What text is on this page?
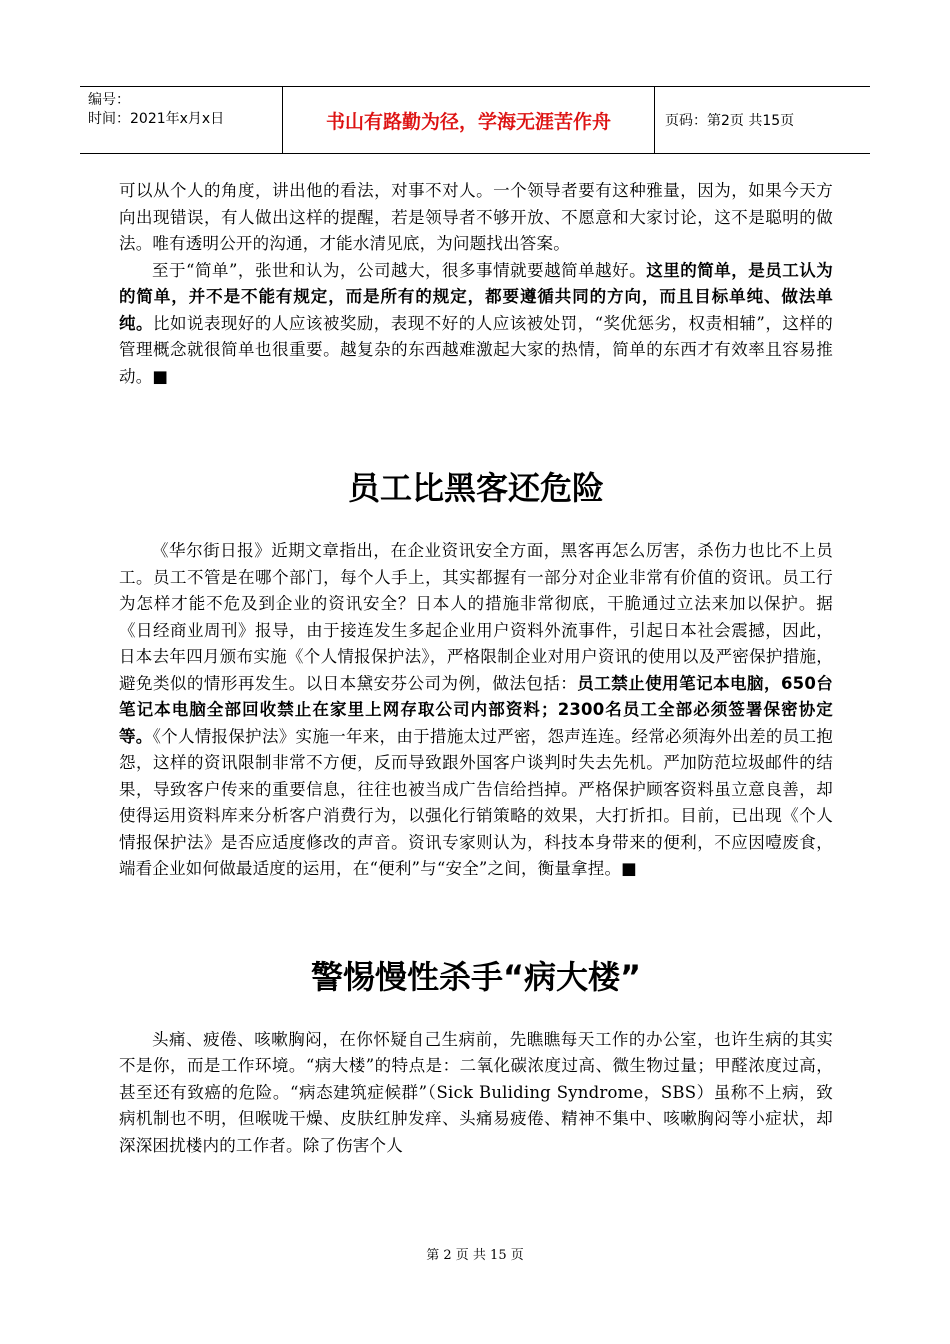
编号：
时间：2021年x月x日	书山有路勤为径，学海无涯苦作舟	页码：第2页 共15页

可以从个人的角度，讲出他的看法，对事不对人。一个领导者要有这种雅量，因为，如果今天方向出现错误，有人做出这样的提醒，若是领导者不够开放、不愿意和大家讨论，这不是聪明的做法。唯有透明公开的沟通，才能水清见底，为问题找出答案。

至于“简单”，张世和认为，公司越大，很多事情就要越简单越好。这里的简单，是员工认为的简单，并不是不能有规定，而是所有的规定，都要遵循共同的方向，而且目标单纯、做法单纯。比如说表现好的人应该被奖励，表现不好的人应该被处罚，“奖优惩劣，权责相辅”，这样的管理概念就很简单也很重要。越复杂的东西越难激起大家的热情，简单的东西才有效率且容易推动。■

员工比黑客还危险

《华尔街日报》近期文章指出，在企业资讯安全方面，黑客再怎么厉害，杀伤力也比不上员工。员工不管是在哪个部门，每个人手上，其实都握有一部分对企业非常有价值的资讯。员工行为怎样才能不危及到企业的资讯安全？日本人的措施非常彻底，干脆通过立法来加以保护。据《日经商业周刊》报导，由于接连发生多起企业用户资料外流事件，引起日本社会震撼，因此，日本去年四月颁布实施《个人情报保护法》，严格限制企业对用户资讯的使用以及严密保护措施，避免类似的情形再发生。以日本黛安芬公司为例，做法包括：员工禁止使用笔记本电脑，650台笔记本电脑全部回收禁止在家里上网存取公司内部资料；2300名员工全部必须签署保密协定等。《个人情报保护法》实施一年来，由于措施太过严密，怨声连连。经常必须海外出差的员工抱怨，这样的资讯限制非常不方便，反而导致跟外国客户谈判时失去先机。严加防范垃圾邮件的结果，导致客户传来的重要信息，往往也被当成广告信给挡掉。严格保护顾客资料虽立意良善，却使得运用资料库来分析客户消费行为，以强化行销策略的效果，大打折扣。目前，已出现《个人情报保护法》是否应适度修改的声音。资讯专家则认为，科技本身带来的便利，不应因噎废食，端看企业如何做最适度的运用，在“便利”与“安全”之间，衡量拿捏。■

警惕慢性杀手“病大楼”

头痛、疲倦、咳嗽胸闷，在你怀疑自己生病前，先瞧瞧每天工作的办公室，也许生病的其实不是你，而是工作环境。“病大楼”的特点是：二氧化碳浓度过高、微生物过量；甲醛浓度过高，甚至还有致癌的危险。“病态建筑症候群”（Sick Buliding Syndrome，SBS）虽称不上病，致病机制也不明，但喉咙干燥、皮肤红肿发痒、头痛易疲倦、精神不集中、咳嗽胸闷等小症状，却深深困扰楼内的工作者。除了伤害个人

第 2 页 共 15 页
